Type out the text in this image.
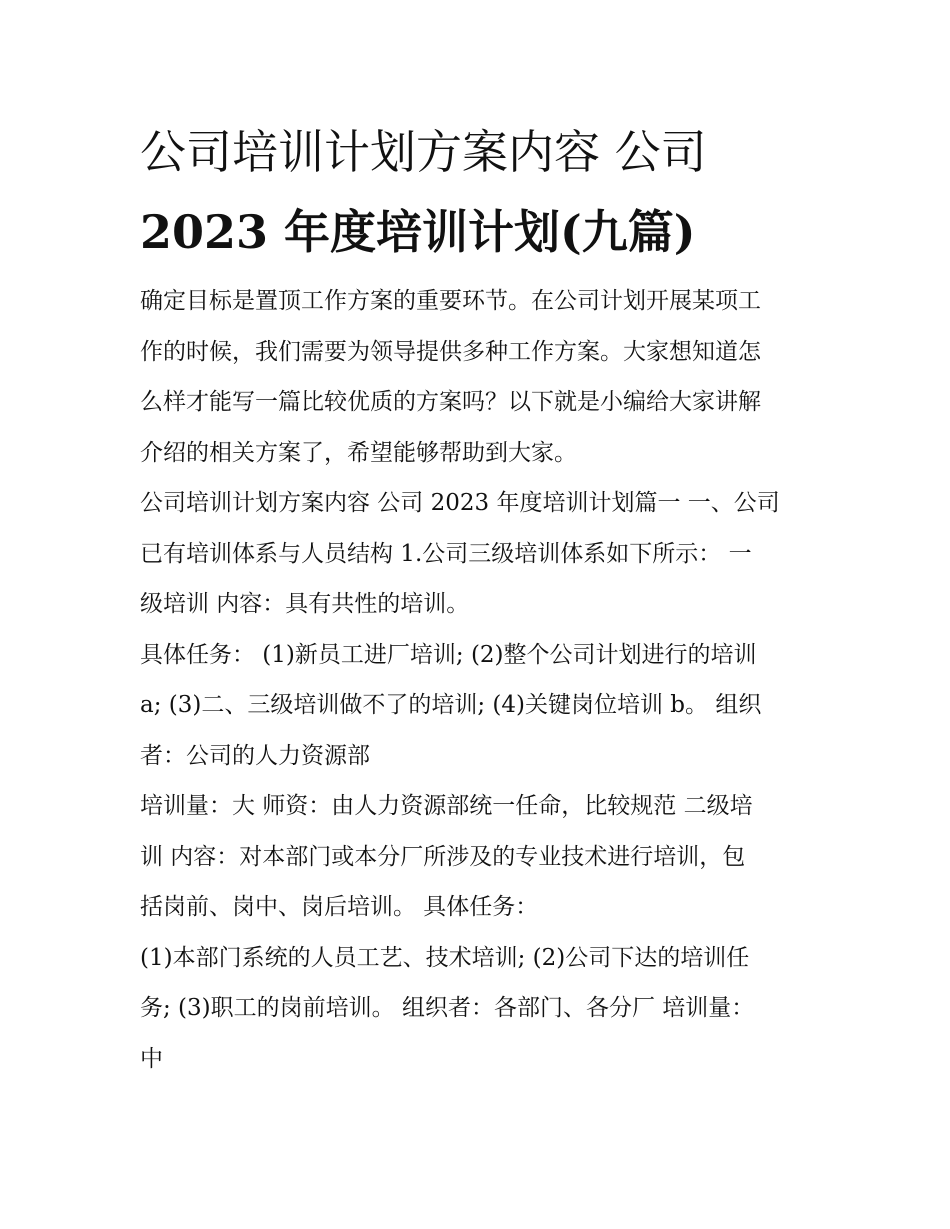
公司培训计划方案内容 公司
2023 年度培训计划(九篇)
确定目标是置顶工作方案的重要环节。在公司计划开展某项工
作的时候，我们需要为领导提供多种工作方案。大家想知道怎
么样才能写一篇比较优质的方案吗？以下就是小编给大家讲解
介绍的相关方案了，希望能够帮助到大家。
公司培训计划方案内容 公司 2023 年度培训计划篇一 一、公司
已有培训体系与人员结构 1.公司三级培训体系如下所示： 一
级培训 内容：具有共性的培训。
具体任务： (1)新员工进厂培训; (2)整个公司计划进行的培训
a; (3)二、三级培训做不了的培训; (4)关键岗位培训 b。 组织
者：公司的人力资源部
培训量：大 师资：由人力资源部统一任命，比较规范 二级培
训 内容：对本部门或本分厂所涉及的专业技术进行培训，包
括岗前、岗中、岗后培训。 具体任务：
(1)本部门系统的人员工艺、技术培训; (2)公司下达的培训任
务; (3)职工的岗前培训。 组织者：各部门、各分厂 培训量：
中
